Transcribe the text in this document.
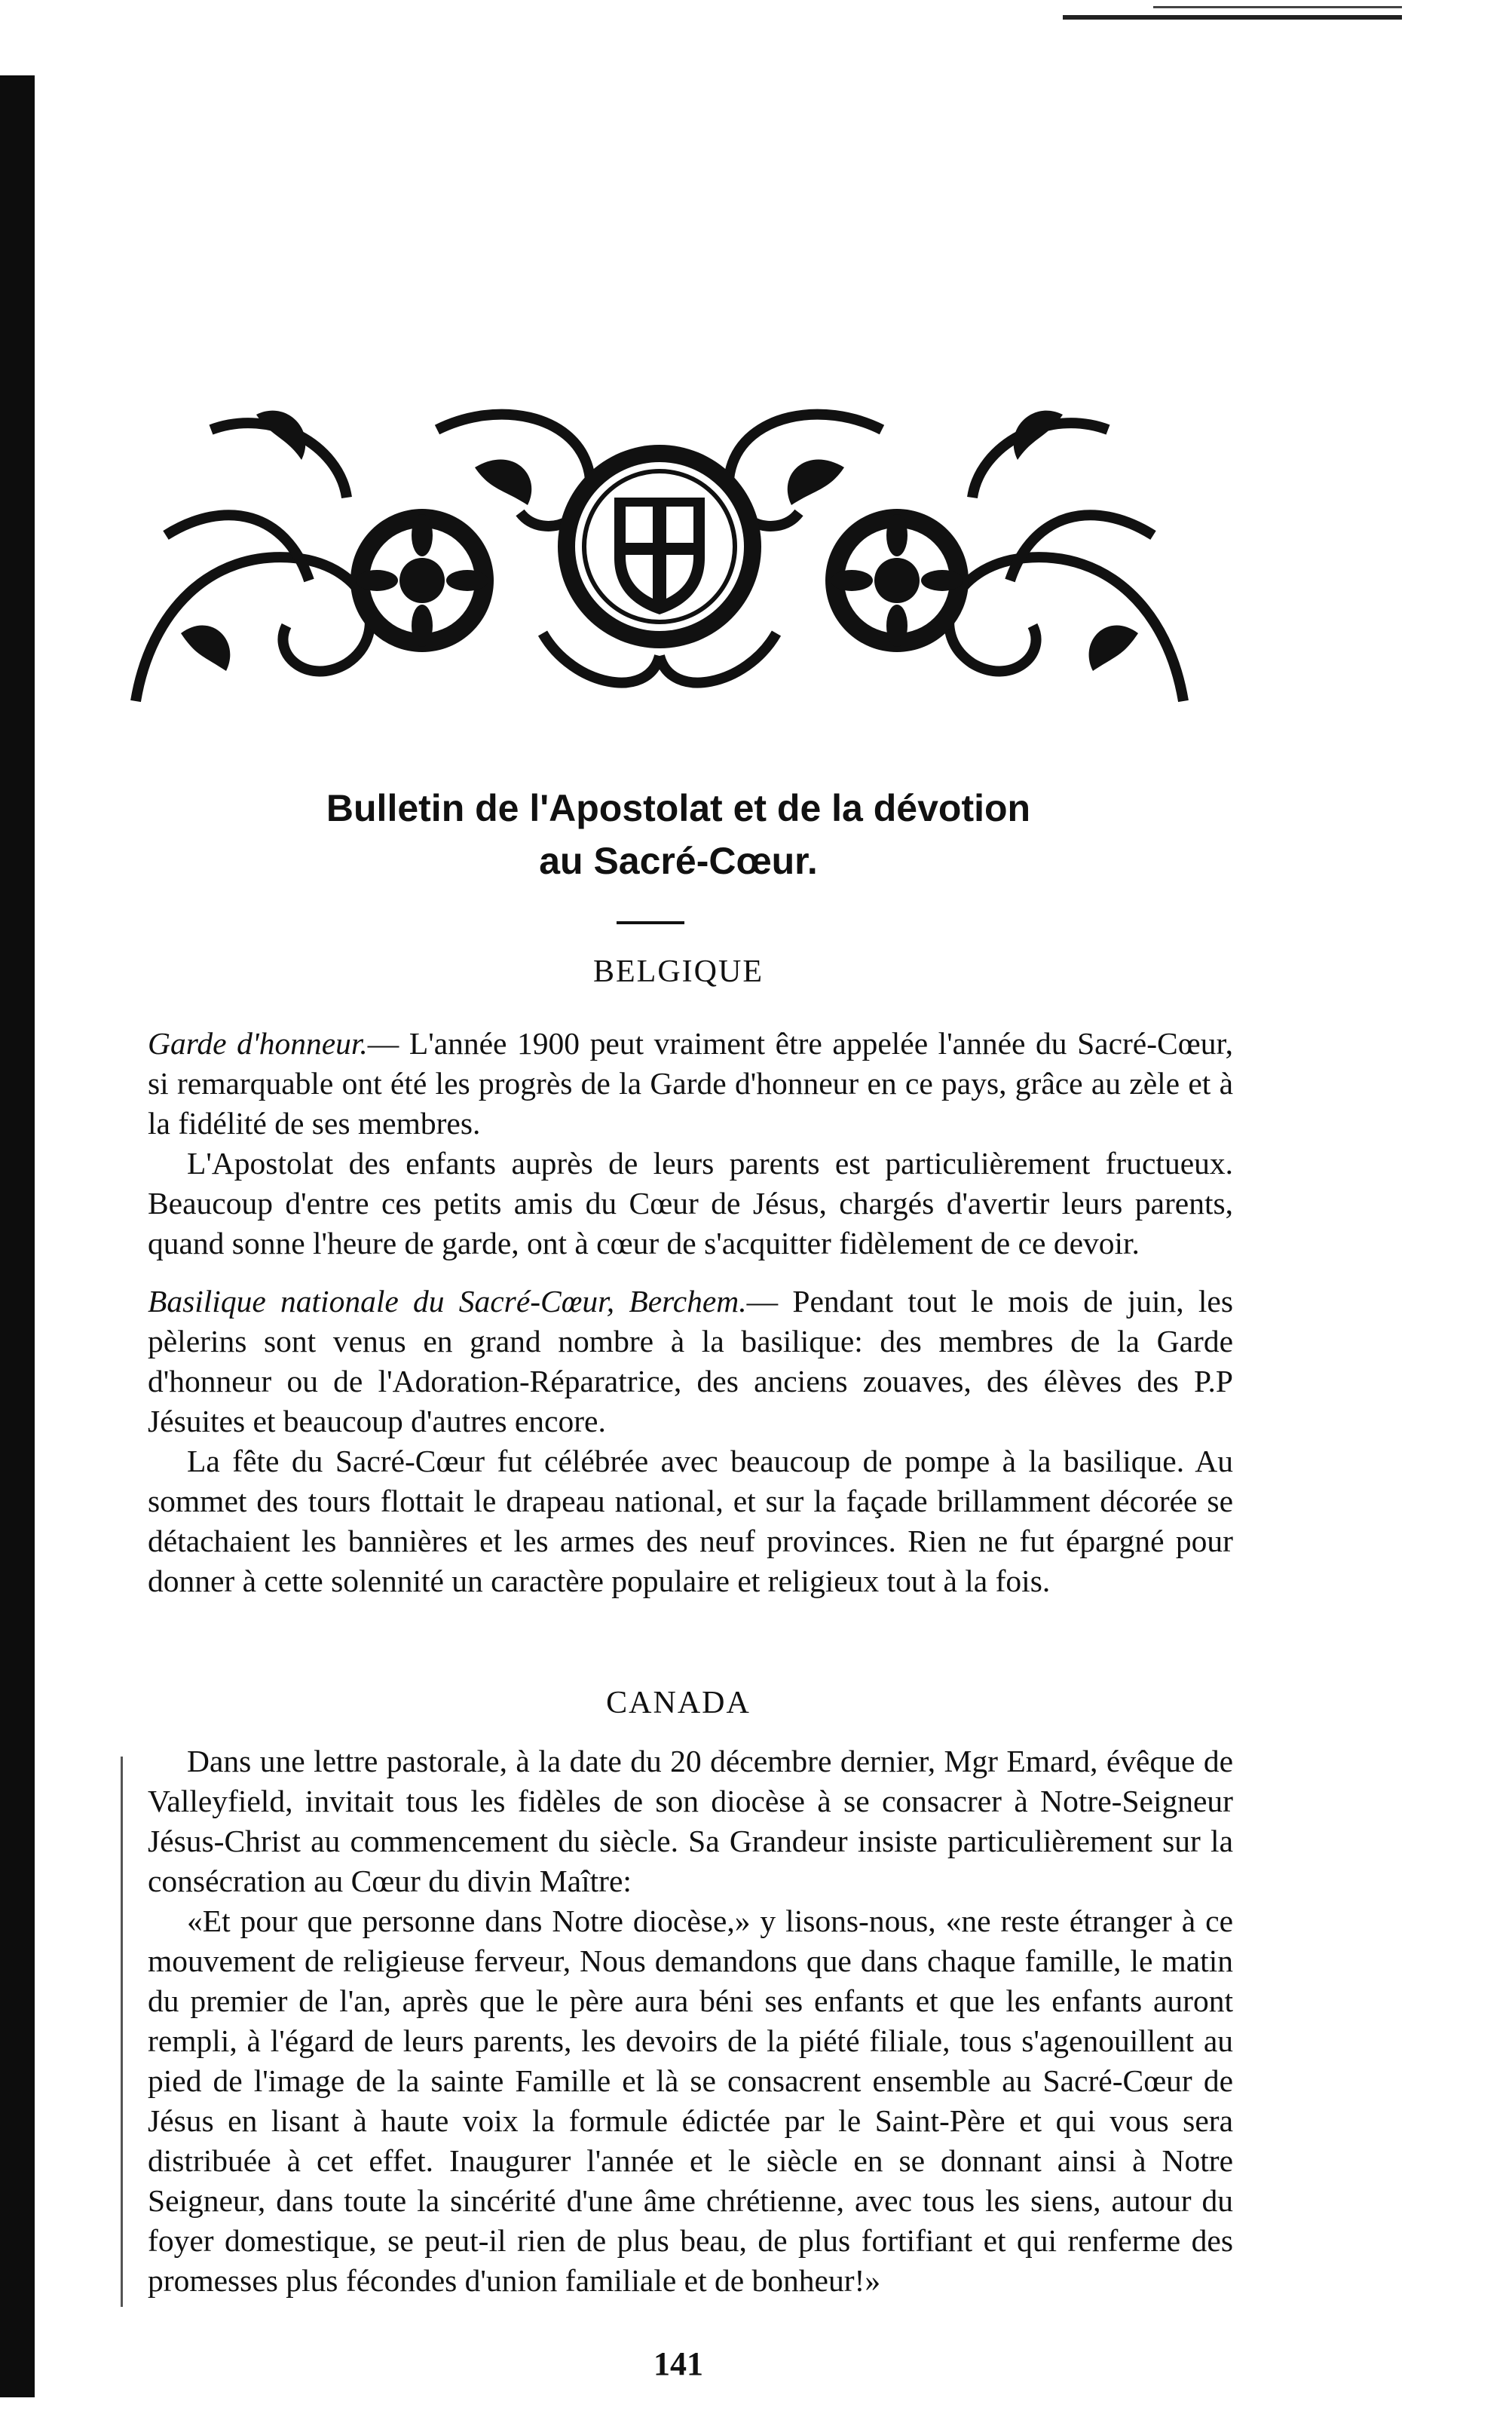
Bulletin de l'Apostolat et de la dévotion
au Sacré-Cœur.
BELGIQUE

Garde d'honneur.— L'année 1900 peut vraiment être appelée l'année du Sacré-Cœur, si remarquable ont été les progrès de la Garde d'honneur en ce pays, grâce au zèle et à la fidélité de ses membres.

L'Apostolat des enfants auprès de leurs parents est particulièrement fructueux. Beaucoup d'entre ces petits amis du Cœur de Jésus, chargés d'avertir leurs parents, quand sonne l'heure de garde, ont à cœur de s'acquitter fidèlement de ce devoir.

Basilique nationale du Sacré-Cœur, Berchem.— Pendant tout le mois de juin, les pèlerins sont venus en grand nombre à la basilique: des membres de la Garde d'honneur ou de l'Adoration-Réparatrice, des anciens zouaves, des élèves des P.P Jésuites et beaucoup d'autres encore.

La fête du Sacré-Cœur fut célébrée avec beaucoup de pompe à la basilique. Au sommet des tours flottait le drapeau national, et sur la façade brillamment décorée se détachaient les bannières et les armes des neuf provinces. Rien ne fut épargné pour donner à cette solennité un caractère populaire et religieux tout à la fois.

CANADA

Dans une lettre pastorale, à la date du 20 décembre dernier, Mgr Emard, évêque de Valleyfield, invitait tous les fidèles de son diocèse à se consacrer à Notre-Seigneur Jésus-Christ au commencement du siècle. Sa Grandeur insiste particulièrement sur la consécration au Cœur du divin Maître:

«Et pour que personne dans Notre diocèse,» y lisons-nous, «ne reste étranger à ce mouvement de religieuse ferveur, Nous demandons que dans chaque famille, le matin du premier de l'an, après que le père aura béni ses enfants et que les enfants auront rempli, à l'égard de leurs parents, les devoirs de la piété filiale, tous s'agenouillent au pied de l'image de la sainte Famille et là se consacrent ensemble au Sacré-Cœur de Jésus en lisant à haute voix la formule édictée par le Saint-Père et qui vous sera distribuée à cet effet. Inaugurer l'année et le siècle en se donnant ainsi à Notre Seigneur, dans toute la sincérité d'une âme chrétienne, avec tous les siens, autour du foyer domestique, se peut-il rien de plus beau, de plus fortifiant et qui renferme des promesses plus fécondes d'union familiale et de bonheur!»

141
